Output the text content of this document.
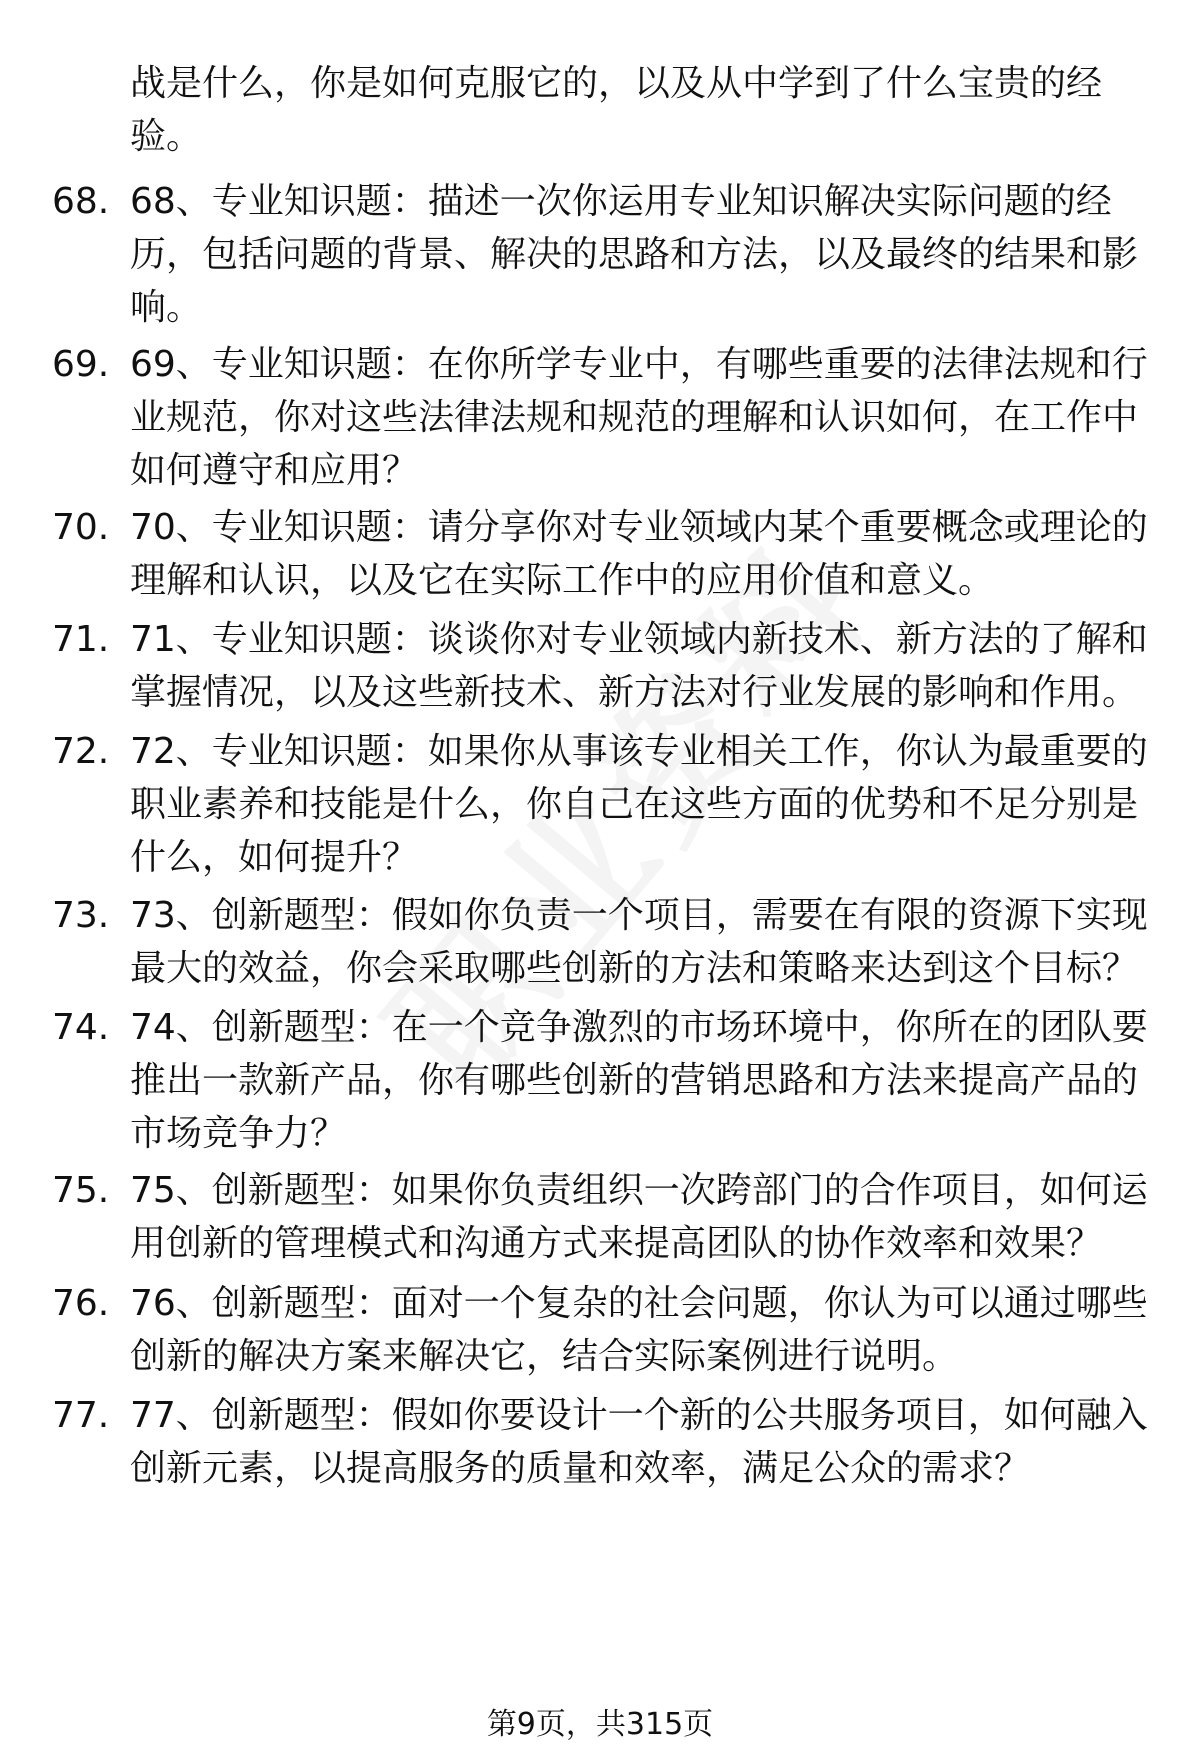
战是什么，你是如何克服它的，以及从中学到了什么宝贵的经验。
68. 68、专业知识题：描述一次你运用专业知识解决实际问题的经历，包括问题的背景、解决的思路和方法，以及最终的结果和影响。
69. 69、专业知识题：在你所学专业中，有哪些重要的法律法规和行业规范，你对这些法律法规和规范的理解和认识如何，在工作中如何遵守和应用？
70. 70、专业知识题：请分享你对专业领域内某个重要概念或理论的理解和认识，以及它在实际工作中的应用价值和意义。
71. 71、专业知识题：谈谈你对专业领域内新技术、新方法的了解和掌握情况，以及这些新技术、新方法对行业发展的影响和作用。
72. 72、专业知识题：如果你从事该专业相关工作，你认为最重要的职业素养和技能是什么，你自己在这些方面的优势和不足分别是什么，如何提升？
73. 73、创新题型：假如你负责一个项目，需要在有限的资源下实现最大的效益，你会采取哪些创新的方法和策略来达到这个目标？
74. 74、创新题型：在一个竞争激烈的市场环境中，你所在的团队要推出一款新产品，你有哪些创新的营销思路和方法来提高产品的市场竞争力？
75. 75、创新题型：如果你负责组织一次跨部门的合作项目，如何运用创新的管理模式和沟通方式来提高团队的协作效率和效果？
76. 76、创新题型：面对一个复杂的社会问题，你认为可以通过哪些创新的解决方案来解决它，结合实际案例进行说明。
77. 77、创新题型：假如你要设计一个新的公共服务项目，如何融入创新元素，以提高服务的质量和效率，满足公众的需求？
第9页，共315页
